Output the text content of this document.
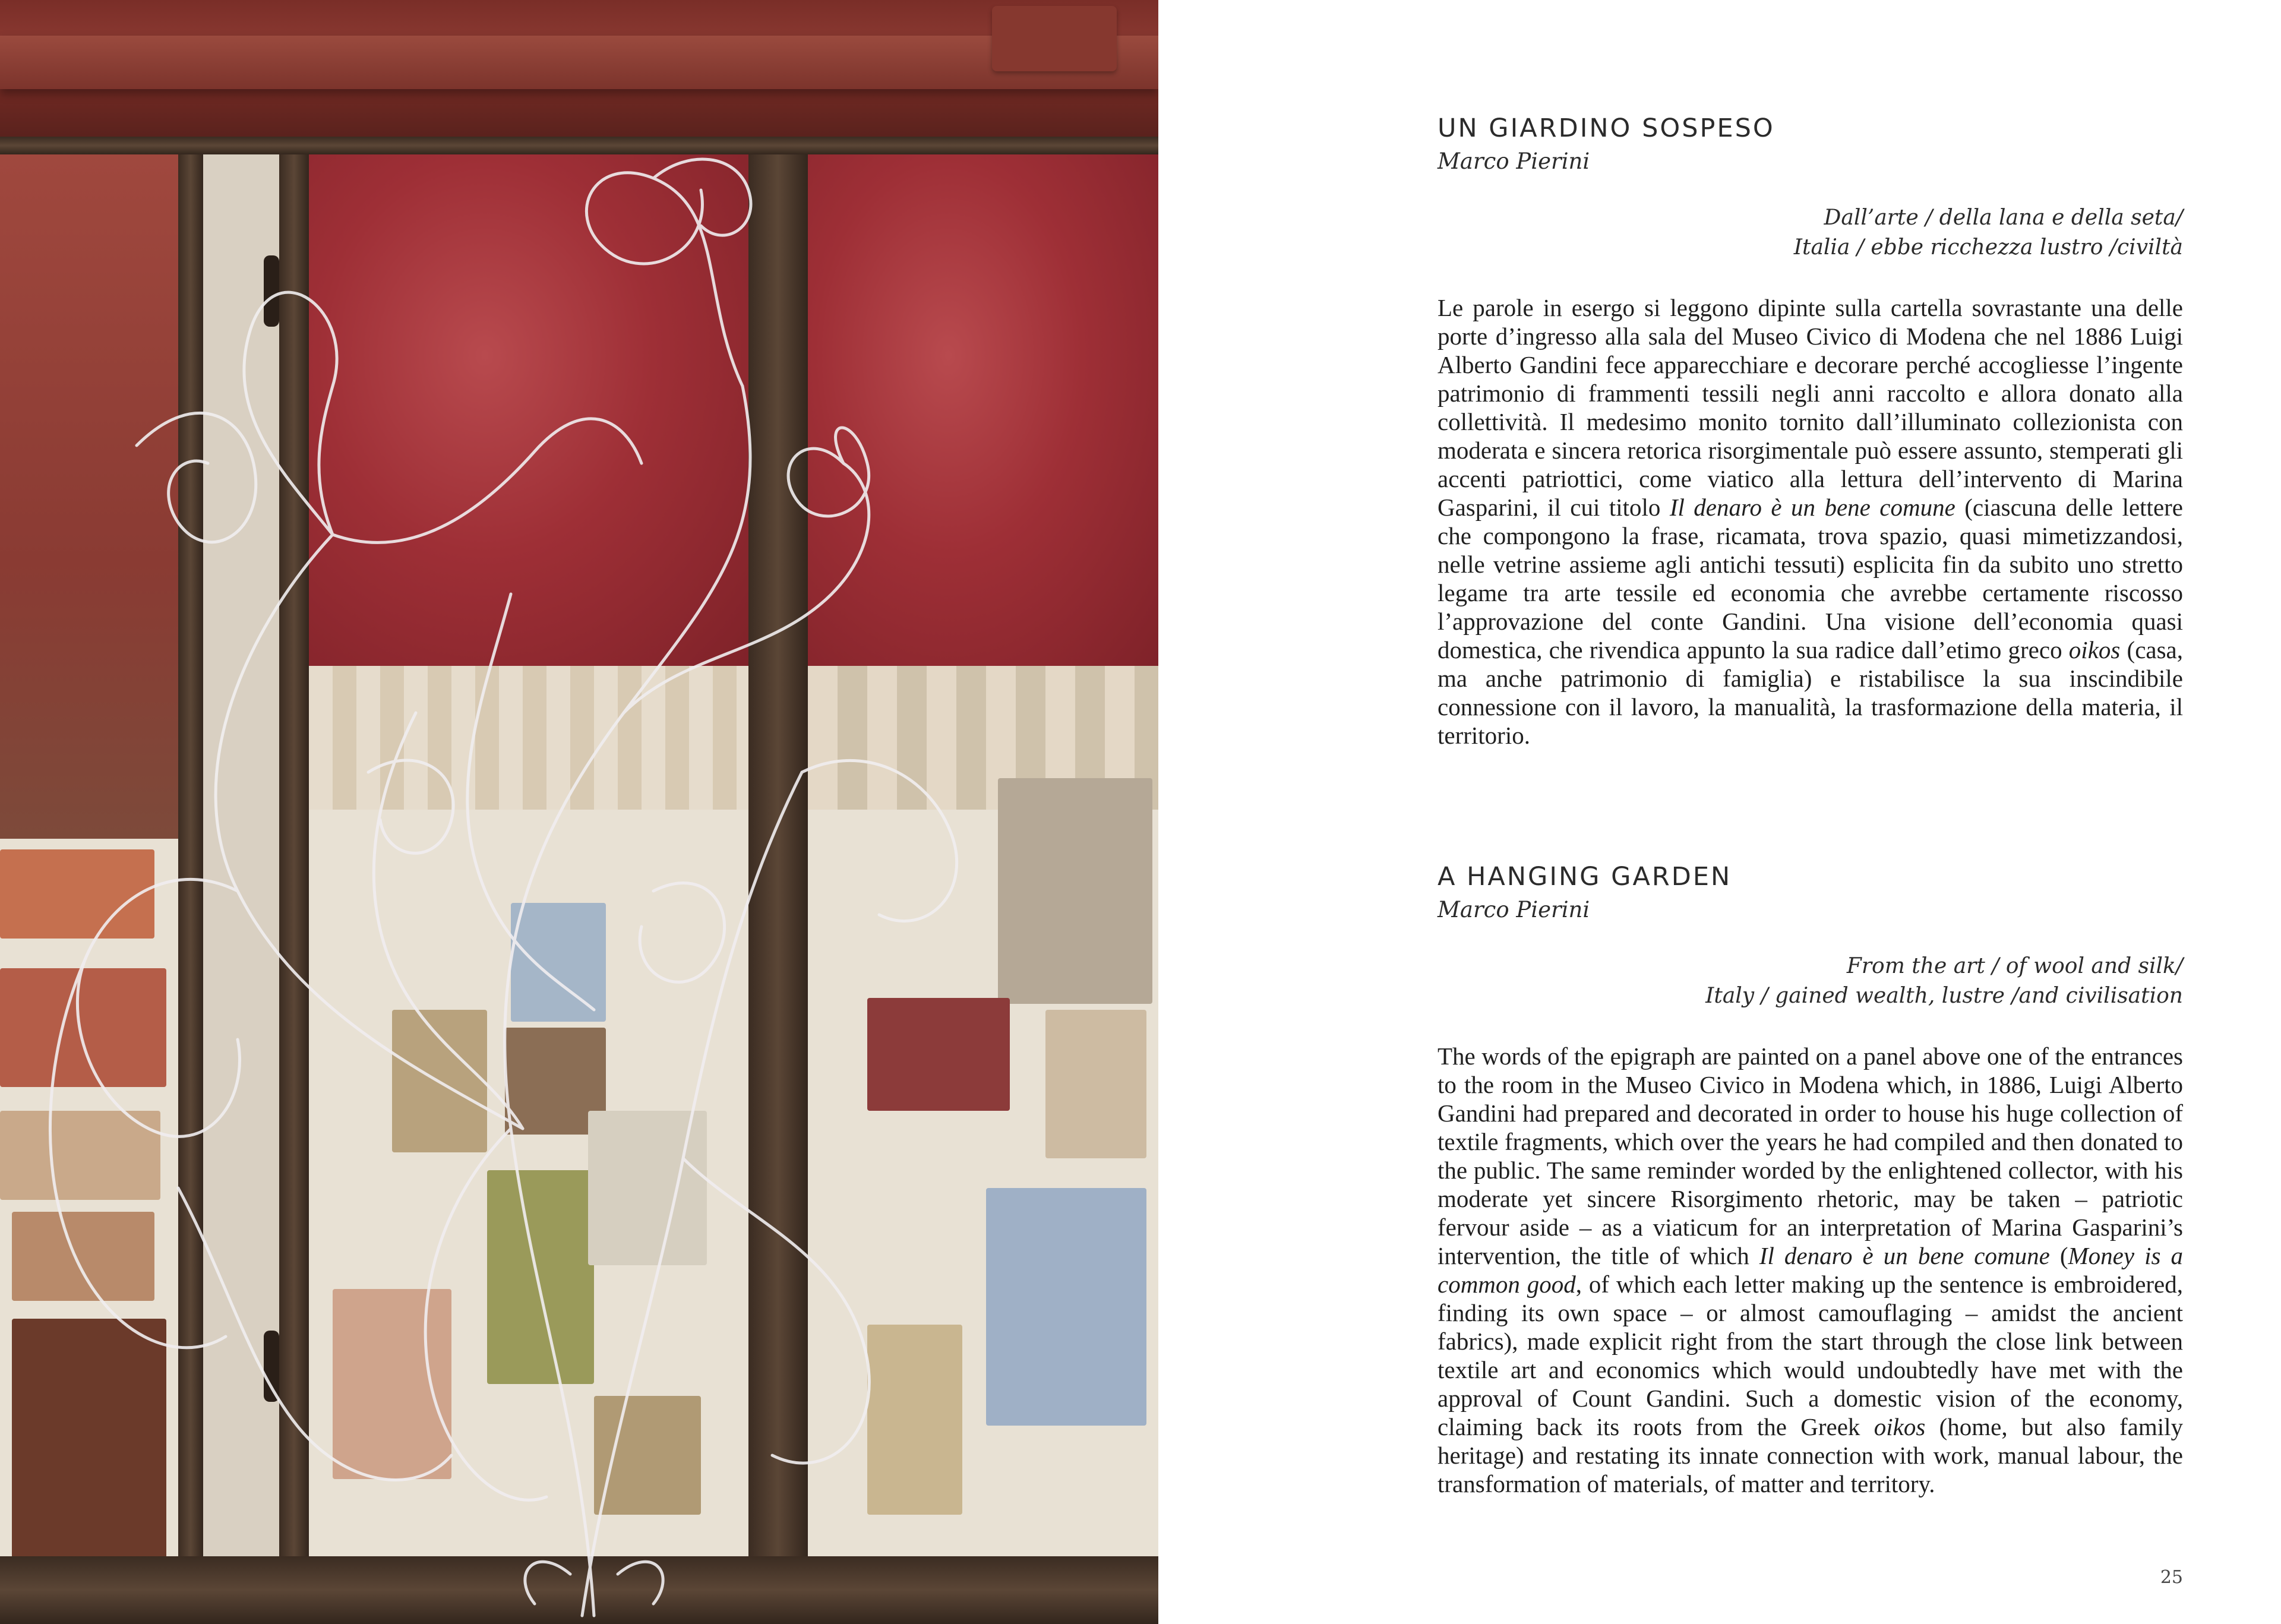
UN GIARDINO SOSPESO

Marco Pierini

Dall’arte / della lana e della seta/

Italia / ebbe ricchezza lustro /civiltà

Le parole in esergo si leggono dipinte sulla cartella sovrastante una delle porte d’ingresso alla sala del Museo Civico di Modena che nel 1886 Luigi Alberto Gandini fece apparecchiare e decorare perché accogliesse l’ingente patrimonio di frammenti tessili negli anni raccolto e allora donato alla collettività. Il medesimo monito tornito dall’illuminato collezionista con moderata e sincera retorica risorgimentale può essere assunto, stemperati gli accenti patriottici, come viatico alla lettura dell’intervento di Marina Gasparini, il cui titolo Il denaro è un bene comune (ciascuna delle lettere che compongono la frase, ricamata, trova spazio, quasi mimetizzandosi, nelle vetrine assieme agli antichi tessuti) esplicita fin da subito uno stretto legame tra arte tessile ed economia che avrebbe certamente riscosso l’approvazione del conte Gandini. Una visione dell’economia quasi domestica, che rivendica appunto la sua radice dall’etimo greco oikos (casa, ma anche patrimonio di famiglia) e ristabilisce la sua inscindibile connessione con il lavoro, la manualità, la trasformazione della materia, il territorio.

A HANGING GARDEN

Marco Pierini

From the art / of wool and silk/

Italy / gained wealth, lustre /and civilisation

The words of the epigraph are painted on a panel above one of the entrances to the room in the Museo Civico in Modena which, in 1886, Luigi Alberto Gandini had prepared and decorated in order to house his huge collection of textile fragments, which over the years he had compiled and then donated to the public. The same reminder worded by the enlightened collector, with his moderate yet sincere Risorgimento rhetoric, may be taken – patriotic fervour aside – as a viaticum for an interpretation of Marina Gasparini’s intervention, the title of which Il denaro è un bene comune (Money is a common good, of which each letter making up the sentence is embroidered, finding its own space – or almost camouflaging – amidst the ancient fabrics), made explicit right from the start through the close link between textile art and economics which would undoubtedly have met with the approval of Count Gandini. Such a domestic vision of the economy, claiming back its roots from the Greek oikos (home, but also family heritage) and restating its innate connection with work, manual labour, the transformation of materials, of matter and territory.

25
